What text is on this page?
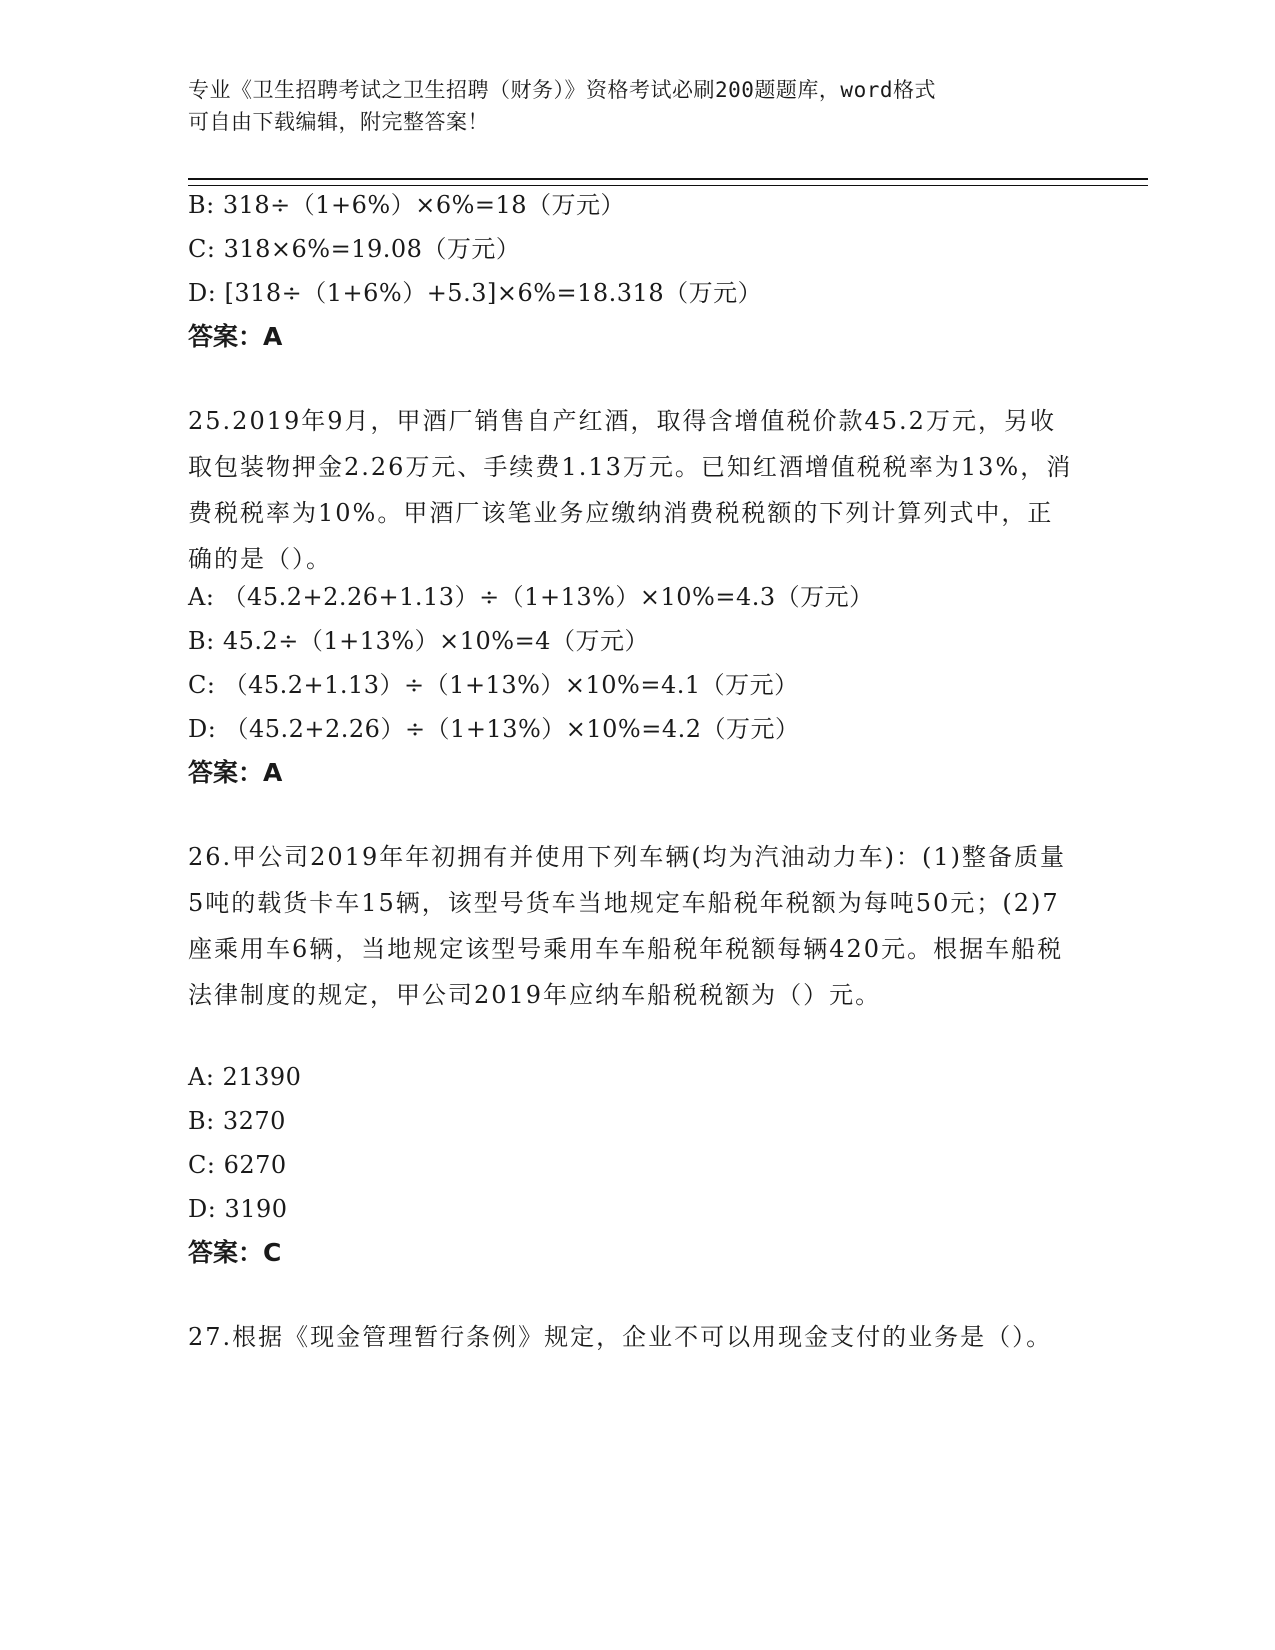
专业《卫生招聘考试之卫生招聘（财务）》资格考试必刷200题题库，word格式
可自由下载编辑，附完整答案！
B: 318÷（1+6%）×6%=18（万元）
C: 318×6%=19.08（万元）
D: [318÷（1+6%）+5.3]×6%=18.318（万元）
答案：A
25.2019年9月，甲酒厂销售自产红酒，取得含增值税价款45.2万元，另收取包装物押金2.26万元、手续费1.13万元。已知红酒增值税税率为13%，消费税税率为10%。甲酒厂该笔业务应缴纳消费税税额的下列计算列式中，正确的是（）。
A: （45.2+2.26+1.13）÷（1+13%）×10%=4.3（万元）
B: 45.2÷（1+13%）×10%=4（万元）
C: （45.2+1.13）÷（1+13%）×10%=4.1（万元）
D: （45.2+2.26）÷（1+13%）×10%=4.2（万元）
答案：A
26.甲公司2019年年初拥有并使用下列车辆(均为汽油动力车)：(1)整备质量5吨的载货卡车15辆，该型号货车当地规定车船税年税额为每吨50元；(2)7座乘用车6辆，当地规定该型号乘用车车船税年税额每辆420元。根据车船税法律制度的规定，甲公司2019年应纳车船税税额为（）元。
A: 21390
B: 3270
C: 6270
D: 3190
答案：C
27.根据《现金管理暂行条例》规定，企业不可以用现金支付的业务是（）。
